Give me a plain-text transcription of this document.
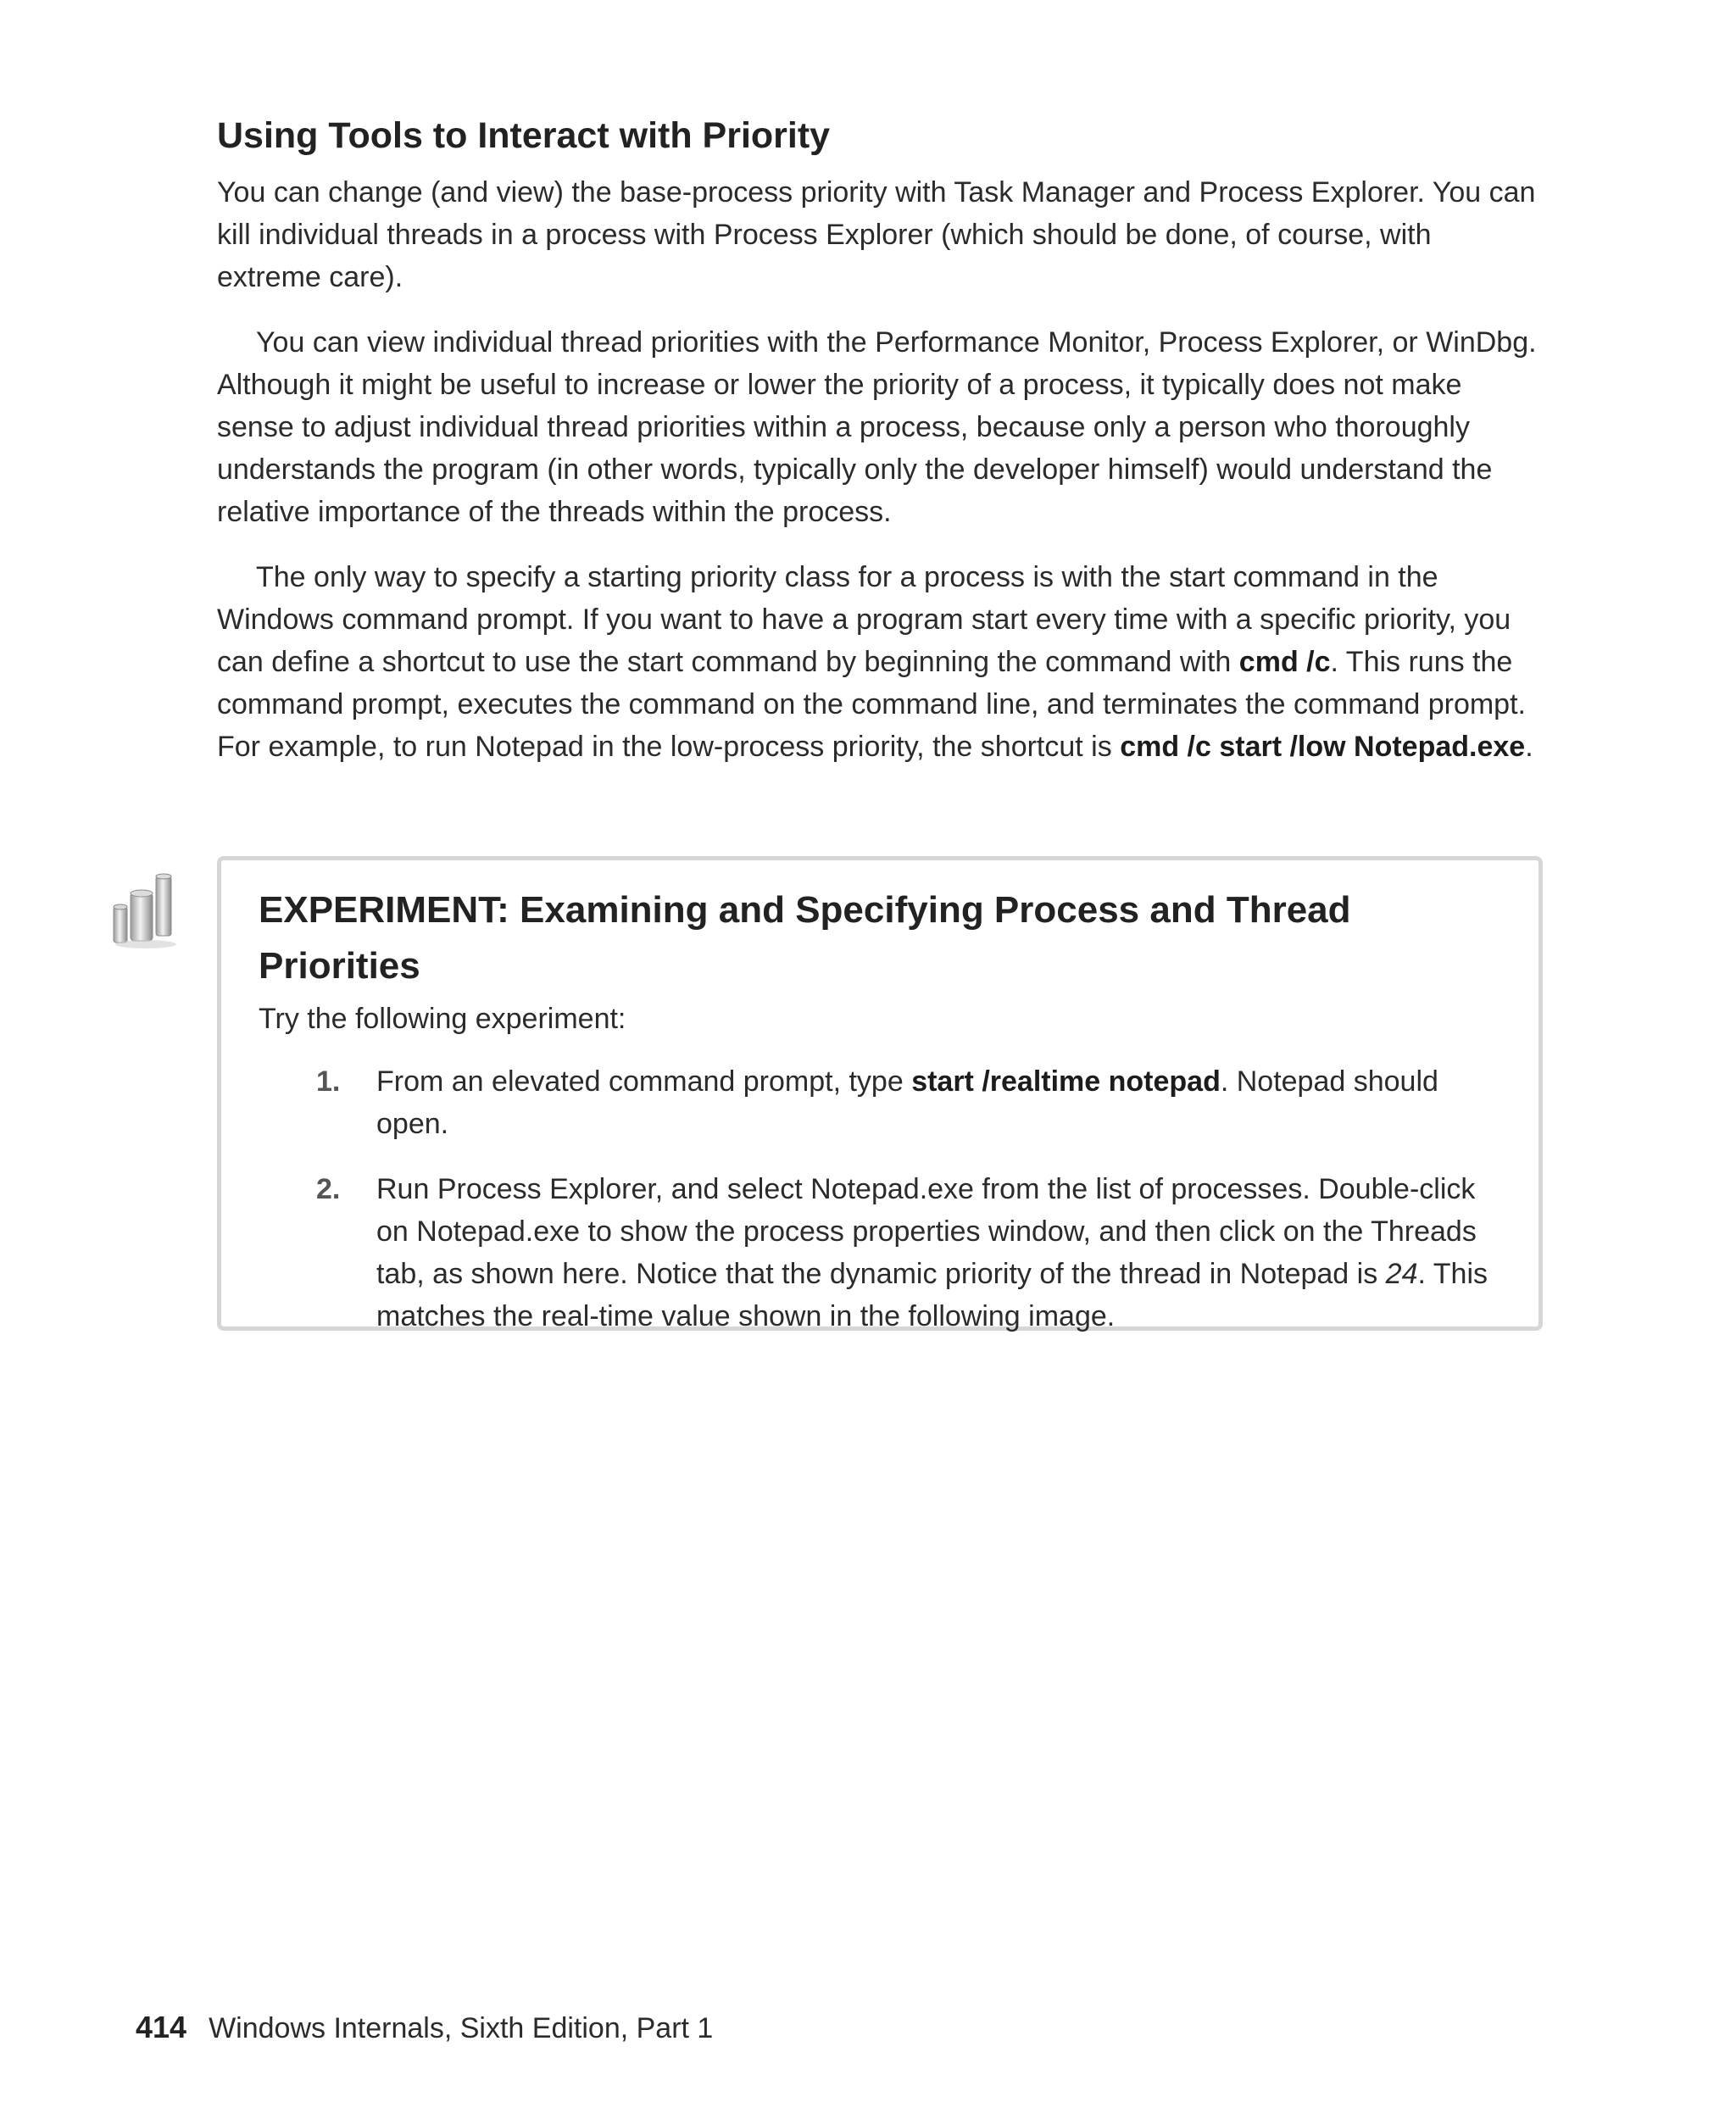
Using Tools to Interact with Priority

You can change (and view) the base-process priority with Task Manager and Process Explorer. You can kill individual threads in a process with Process Explorer (which should be done, of course, with extreme care).

You can view individual thread priorities with the Performance Monitor, Process Explorer, or WinDbg. Although it might be useful to increase or lower the priority of a process, it typically does not make sense to adjust individual thread priorities within a process, because only a person who thoroughly understands the program (in other words, typically only the developer himself) would understand the relative importance of the threads within the process.

The only way to specify a starting priority class for a process is with the start command in the Windows command prompt. If you want to have a program start every time with a specific priority, you can define a shortcut to use the start command by beginning the command with cmd /c. This runs the command prompt, executes the command on the command line, and terminates the command prompt. For example, to run Notepad in the low-process priority, the shortcut is cmd /c start /low Notepad.exe.

EXPERIMENT: Examining and Specifying Process and Thread Priorities

Try the following experiment:

1. From an elevated command prompt, type start /realtime notepad. Notepad should open.
2. Run Process Explorer, and select Notepad.exe from the list of processes. Double-click on Notepad.exe to show the process properties window, and then click on the Threads tab, as shown here. Notice that the dynamic priority of the thread in Notepad is 24. This matches the real-time value shown in the following image.
414 Windows Internals, Sixth Edition, Part 1
